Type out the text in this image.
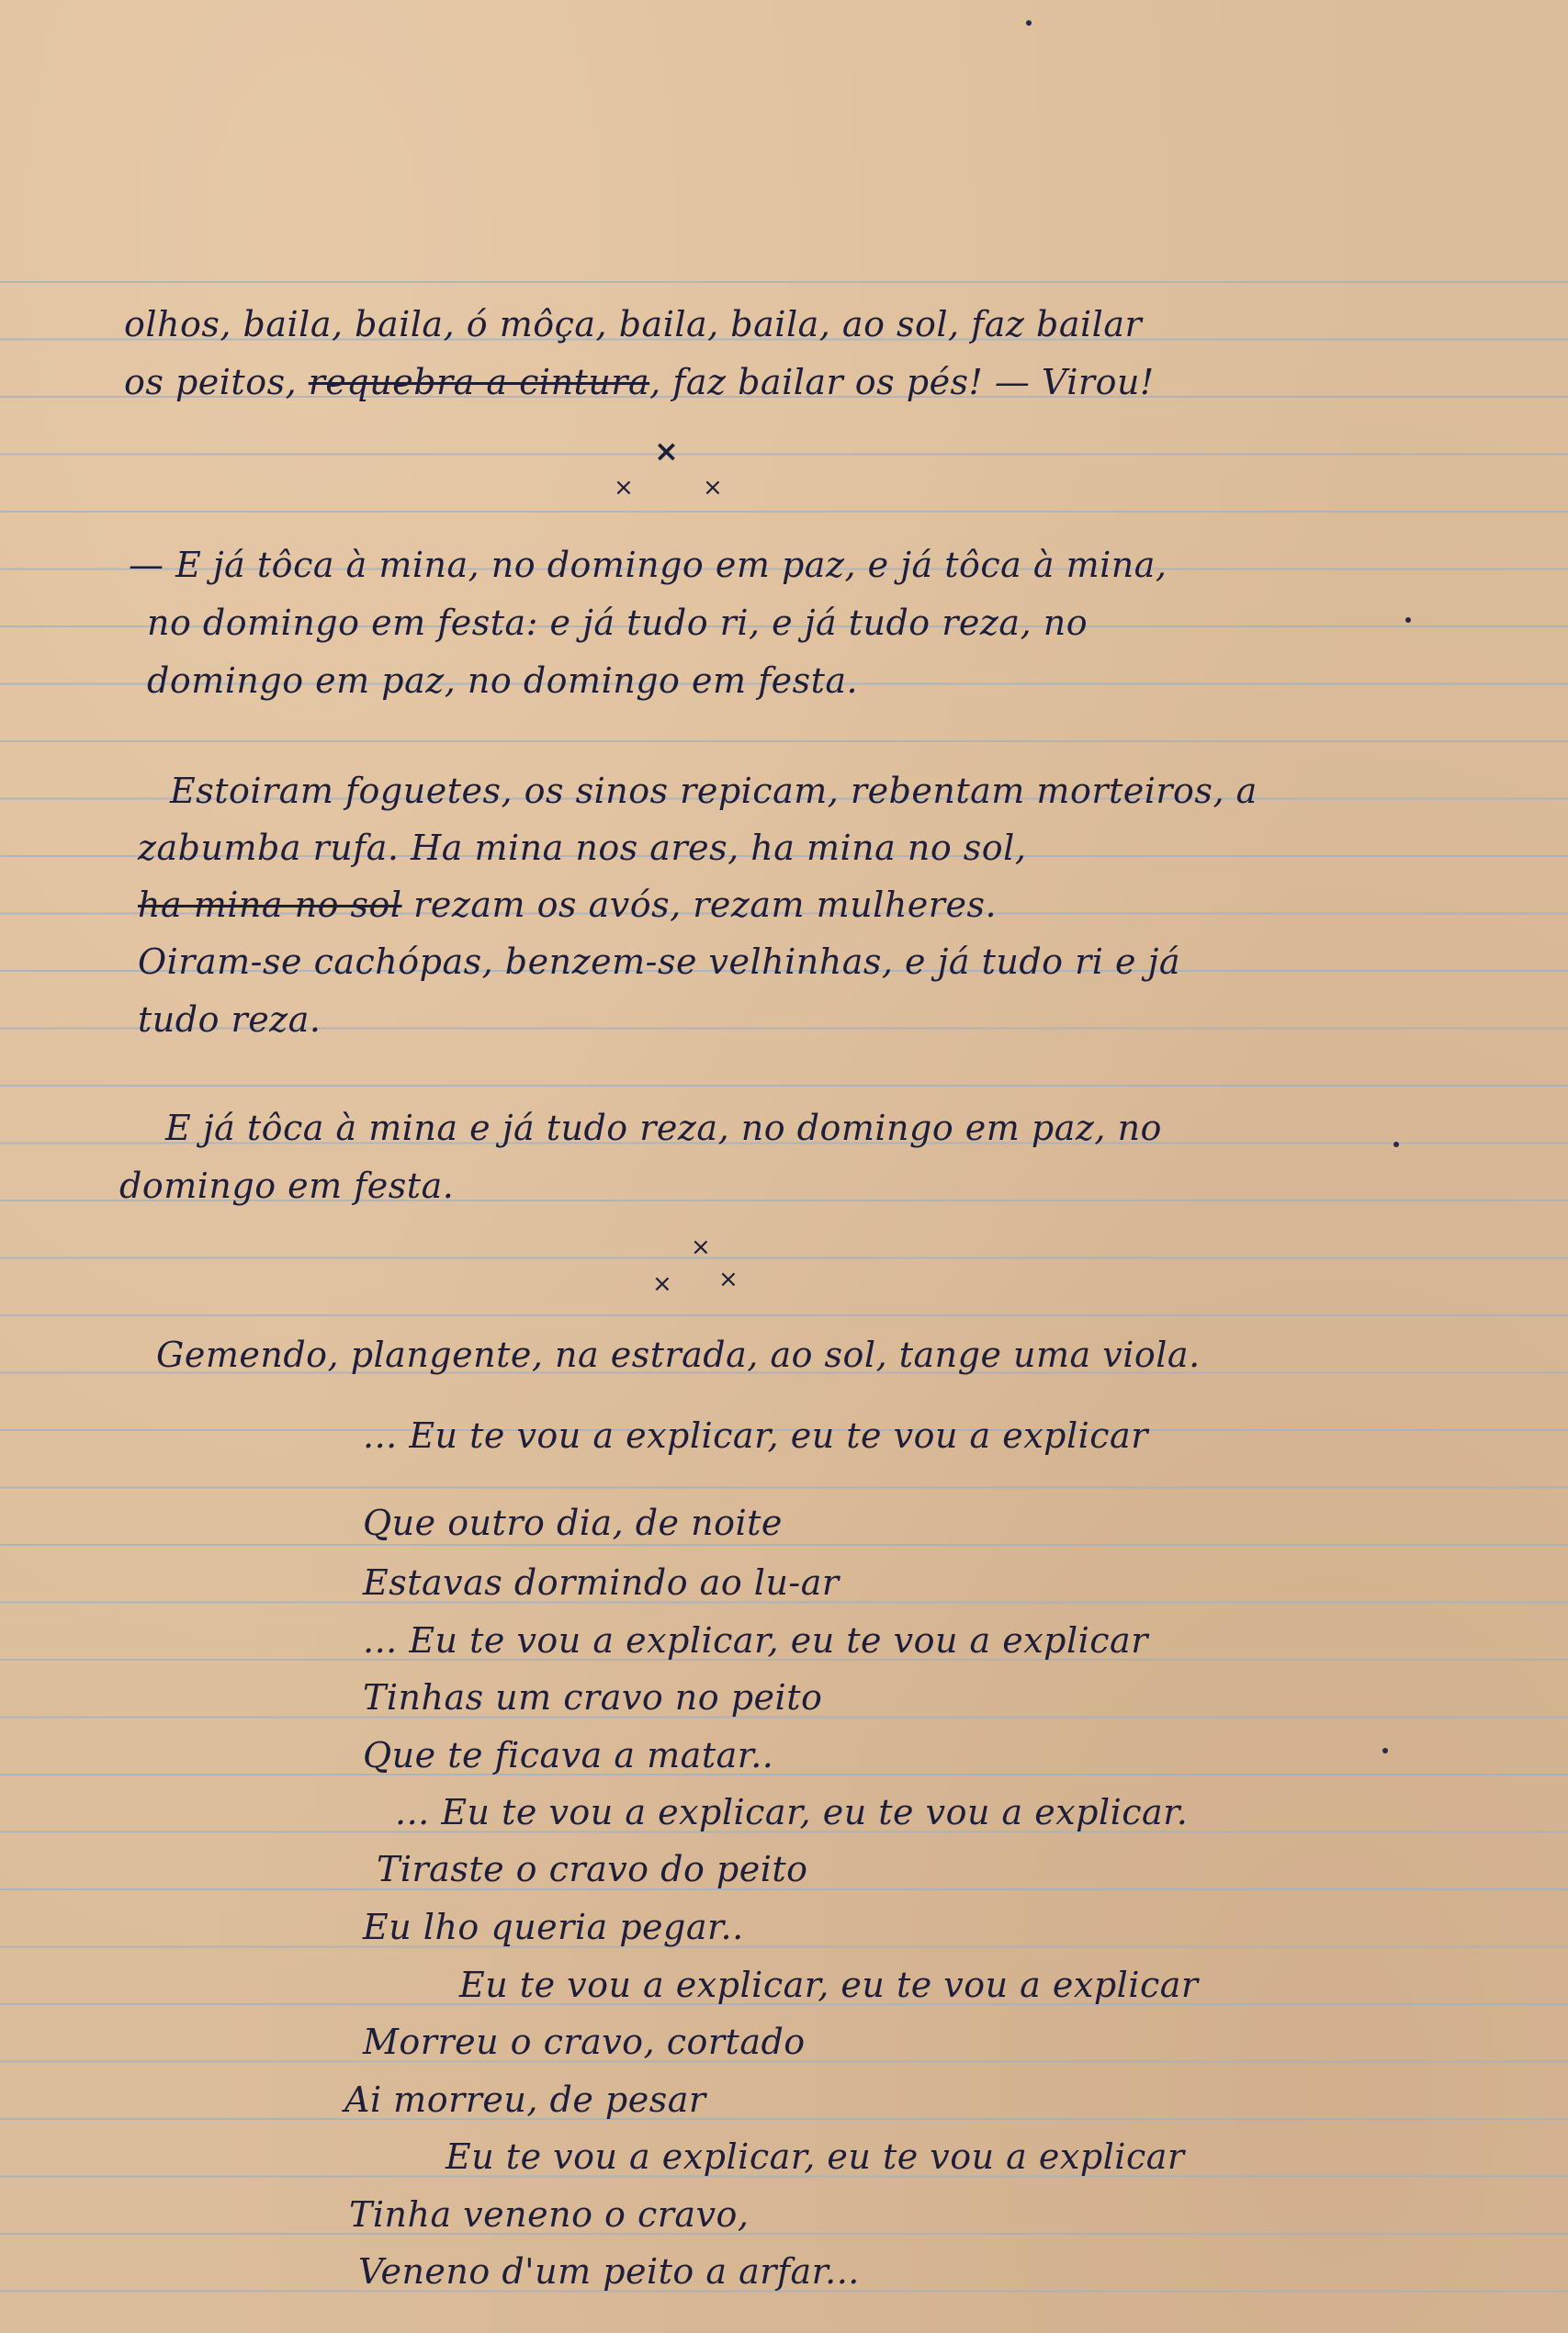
olhos, baila, baila, ó môça, baila, baila, ao sol, faz bailar

os peitos, requebra a cintura, faz bailar os pés! — Virou!

×
×	×

— E já tôca à mina, no domingo em paz, e já tôca à mina,

no domingo em festa: e já tudo ri, e já tudo reza, no

domingo em paz, no domingo em festa.

Estoiram foguetes, os sinos repicam, rebentam morteiros, a

zabumba rufa. Ha mina nos ares, ha mina no sol,

ha mina no sol rezam os avós, rezam mulheres.

Oiram-se cachópas, benzem-se velhinhas, e já tudo ri e já

tudo reza.

E já tôca à mina e já tudo reza, no domingo em paz, no

domingo em festa.

×
× ×

Gemendo, plangente, na estrada, ao sol, tange uma viola.

... Eu te vou a explicar, eu te vou a explicar

Que outro dia, de noite

Estavas dormindo ao lu-ar

... Eu te vou a explicar, eu te vou a explicar

Tinhas um cravo no peito

Que te ficava a matar..

... Eu te vou a explicar, eu te vou a explicar.

Tiraste o cravo do peito

Eu lho queria pegar..

Eu te vou a explicar, eu te vou a explicar

Morreu o cravo, cortado

Ai morreu, de pesar

Eu te vou a explicar, eu te vou a explicar

Tinha veneno o cravo,

Veneno d'um peito a arfar...
